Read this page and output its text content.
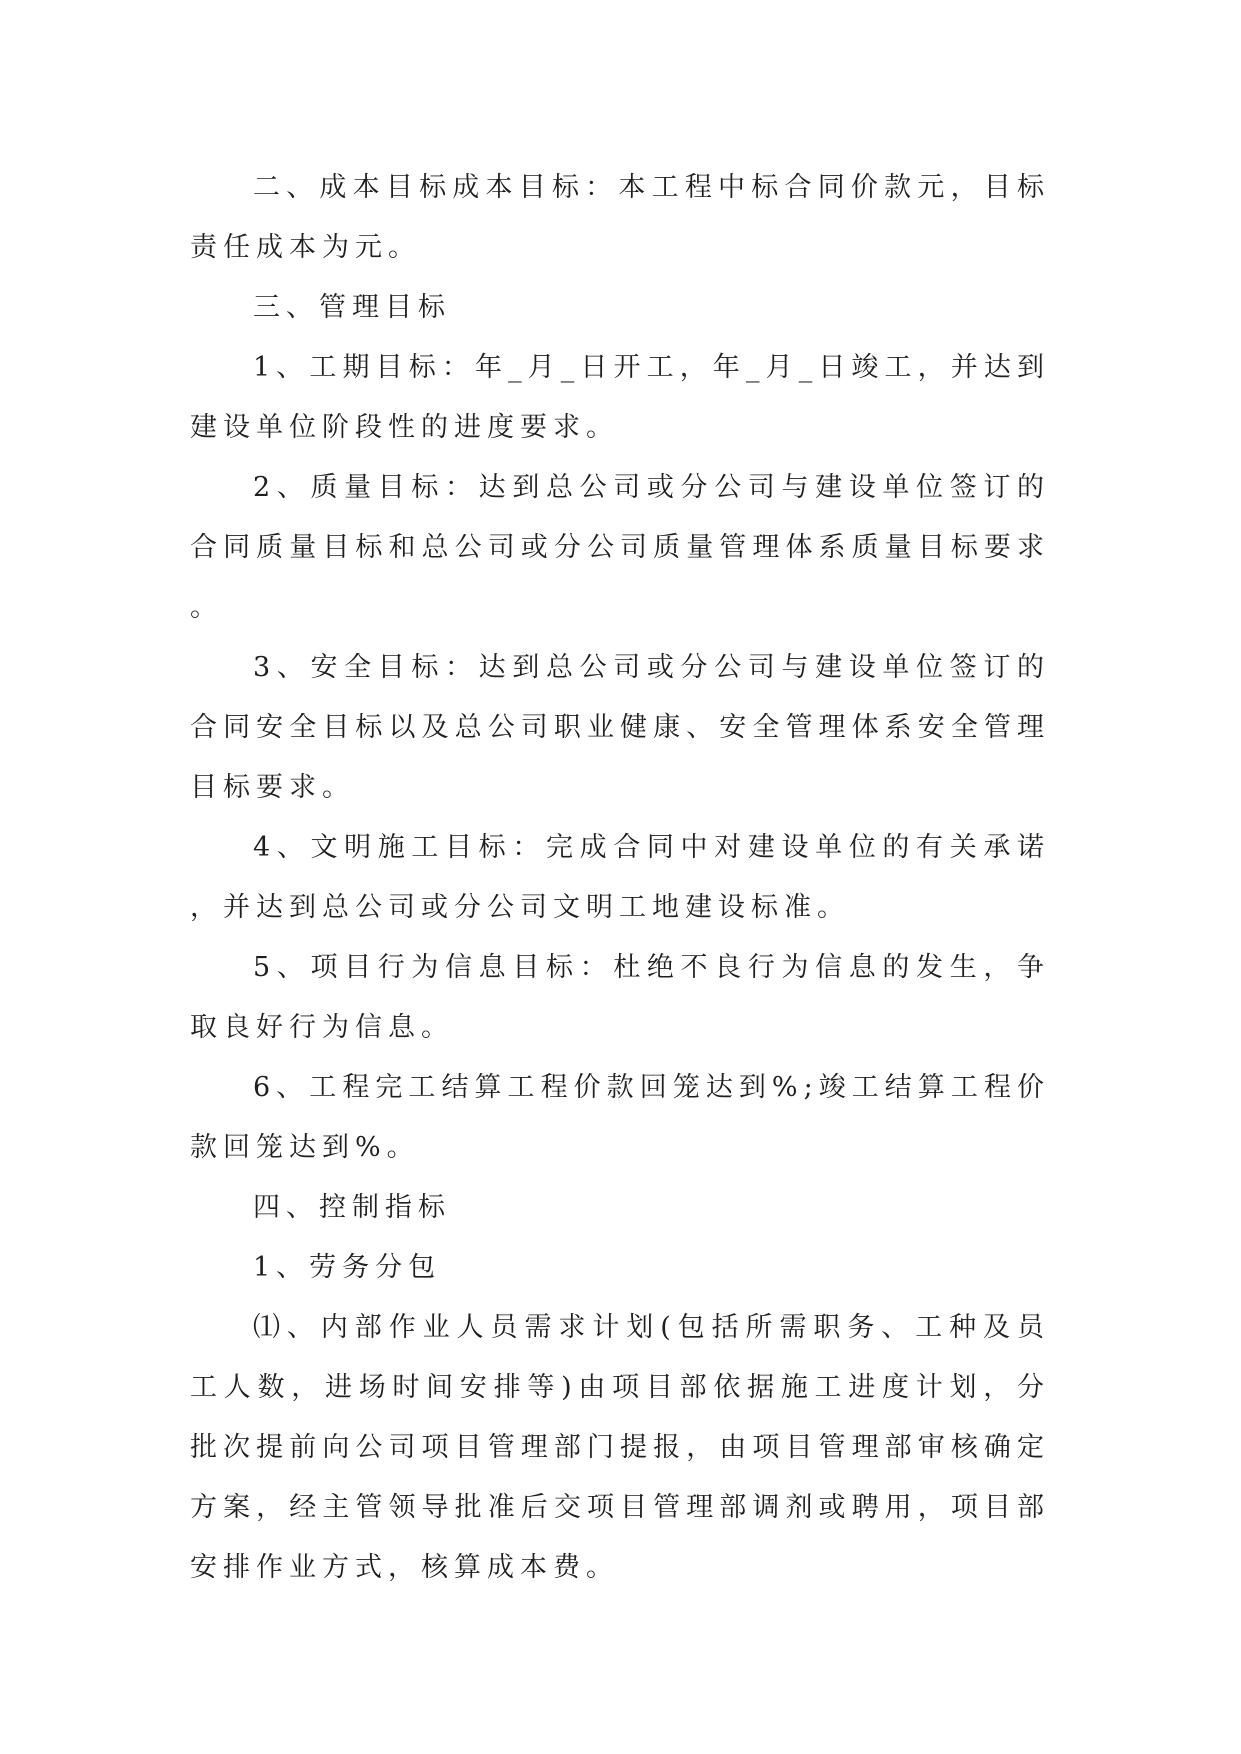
二、成本目标成本目标：本工程中标合同价款元，目标责任成本为元。

三、管理目标

1、工期目标：年_月_日开工，年_月_日竣工，并达到建设单位阶段性的进度要求。

2、质量目标：达到总公司或分公司与建设单位签订的合同质量目标和总公司或分公司质量管理体系质量目标要求。

3、安全目标：达到总公司或分公司与建设单位签订的合同安全目标以及总公司职业健康、安全管理体系安全管理目标要求。

4、文明施工目标：完成合同中对建设单位的有关承诺，并达到总公司或分公司文明工地建设标准。

5、项目行为信息目标：杜绝不良行为信息的发生，争取良好行为信息。

6、工程完工结算工程价款回笼达到%;竣工结算工程价款回笼达到%。

四、控制指标

1、劳务分包

⑴、内部作业人员需求计划(包括所需职务、工种及员工人数，进场时间安排等)由项目部依据施工进度计划，分批次提前向公司项目管理部门提报，由项目管理部审核确定方案，经主管领导批准后交项目管理部调剂或聘用，项目部安排作业方式，核算成本费。
